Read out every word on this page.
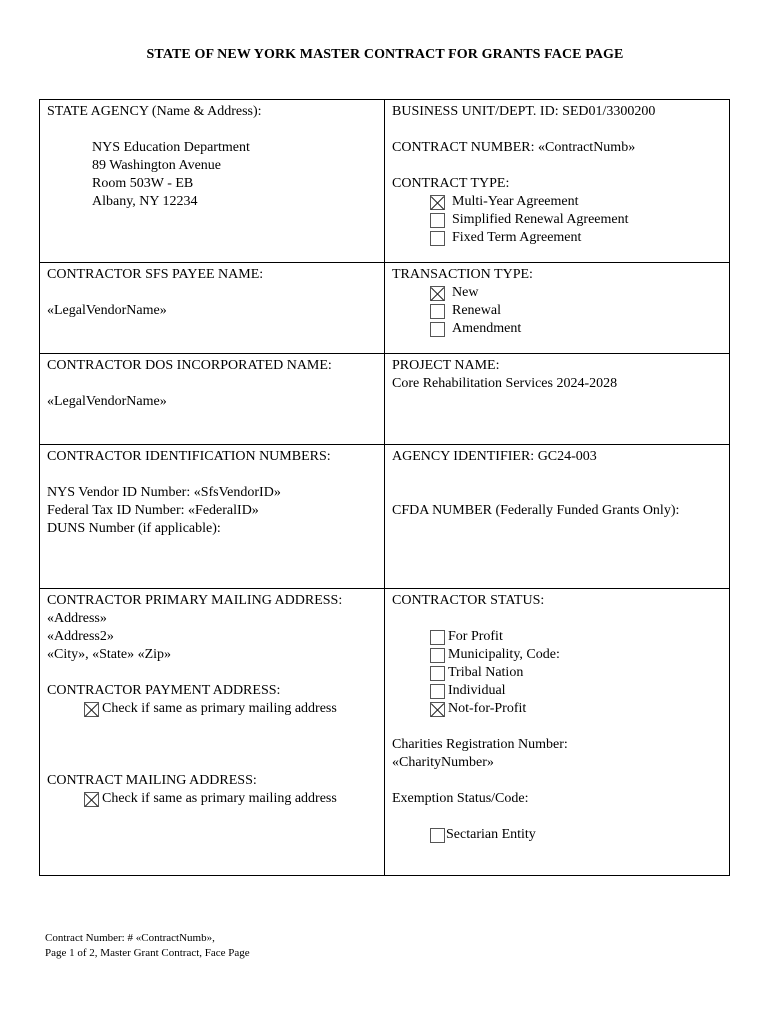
STATE OF NEW YORK MASTER CONTRACT FOR GRANTS FACE PAGE
STATE AGENCY (Name & Address):
NYS Education Department
89 Washington Avenue
Room 503W - EB
Albany, NY 12234
BUSINESS UNIT/DEPT. ID: SED01/3300200
CONTRACT NUMBER: «ContractNumb»
CONTRACT TYPE:
Multi-Year Agreement
Simplified Renewal Agreement
Fixed Term Agreement
CONTRACTOR SFS PAYEE NAME:
«LegalVendorName»
TRANSACTION TYPE:
New
Renewal
Amendment
CONTRACTOR DOS INCORPORATED NAME:
«LegalVendorName»
PROJECT NAME:
Core Rehabilitation Services 2024-2028
CONTRACTOR IDENTIFICATION NUMBERS:
NYS Vendor ID Number: «SfsVendorID»
Federal Tax ID Number: «FederalID»
DUNS Number (if applicable):
AGENCY IDENTIFIER: GC24-003
CFDA NUMBER (Federally Funded Grants Only):
CONTRACTOR PRIMARY MAILING ADDRESS:
«Address»
«Address2»
«City», «State» «Zip»
CONTRACTOR PAYMENT ADDRESS:
Check if same as primary mailing address
CONTRACT MAILING ADDRESS:
Check if same as primary mailing address
CONTRACTOR STATUS:
For Profit
Municipality, Code:
Tribal Nation
Individual
Not-for-Profit
Charities Registration Number:
«CharityNumber»
Exemption Status/Code:
Sectarian Entity
Contract Number: # «ContractNumb»,
Page 1 of 2, Master Grant Contract, Face Page
